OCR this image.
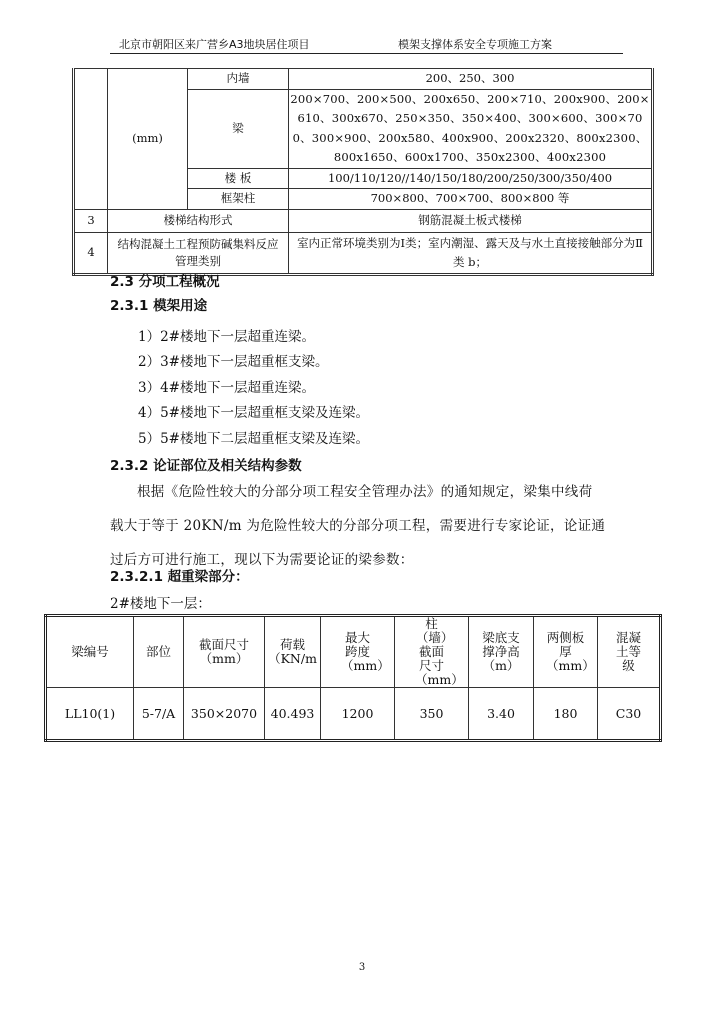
北京市朝阳区来广营乡A3地块居住项目	模架支撑体系安全专项施工方案
	(mm)	内墙	200、250、300
		梁	200×700、200×500、200x650、200×710、200x900、200×610、300x670、250×350、350×400、300×600、300×700、300×900、200x580、400x900、200x2320、800x2300、800x1650、600x1700、350x2300、400x2300
		楼 板	100/110/120//140/150/180/200/250/300/350/400
		框架柱	700×800、700×700、800×800 等
3	楼梯结构形式		钢筋混凝土板式楼梯
4	结构混凝土工程预防碱集料反应管理类别		室内正常环境类别为Ⅰ类；室内潮湿、露天及与水土直接接触部分为Ⅱ类 b；
2.3 分项工程概况
2.3.1 模架用途
1）2#楼地下一层超重连梁。
2）3#楼地下一层超重框支梁。
3）4#楼地下一层超重连梁。
4）5#楼地下一层超重框支梁及连梁。
5）5#楼地下二层超重框支梁及连梁。
2.3.2 论证部位及相关结构参数
根据《危险性较大的分部分项工程安全管理办法》的通知规定，梁集中线荷
载大于等于 20KN/m 为危险性较大的分部分项工程，需要进行专家论证，论证通
过后方可进行施工，现以下为需要论证的梁参数：
2.3.2.1 超重梁部分：
2#楼地下一层：
梁编号	部位	截面尺寸（mm）	荷载（KN/m	最大跨度（mm）	柱（墙）截面尺寸（mm）	梁底支撑净高（m）	两侧板厚（mm）	混凝土等级
LL10(1)	5-7/A	350×2070	40.493	1200	350	3.40	180	C30
3
